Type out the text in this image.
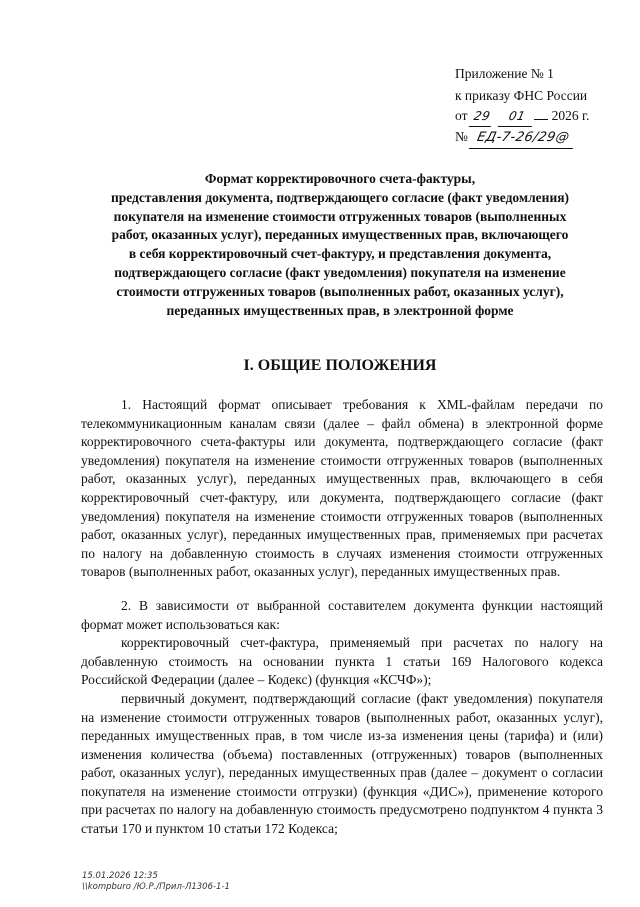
Приложение № 1
к приказу ФНС России
от 29 01 2026 г.
№ ЕД-7-26/29@
Формат корректировочного счета-фактуры,
представления документа, подтверждающего согласие (факт уведомления)
покупателя на изменение стоимости отгруженных товаров (выполненных
работ, оказанных услуг), переданных имущественных прав, включающего
в себя корректировочный счет-фактуру, и представления документа,
подтверждающего согласие (факт уведомления) покупателя на изменение
стоимости отгруженных товаров (выполненных работ, оказанных услуг),
переданных имущественных прав, в электронной форме
I. ОБЩИЕ ПОЛОЖЕНИЯ

1. Настоящий формат описывает требования к XML-файлам передачи по телекоммуникационным каналам связи (далее – файл обмена) в электронной форме корректировочного счета-фактуры или документа, подтверждающего согласие (факт уведомления) покупателя на изменение стоимости отгруженных товаров (выполненных работ, оказанных услуг), переданных имущественных прав, включающего в себя корректировочный счет-фактуру, или документа, подтверждающего согласие (факт уведомления) покупателя на изменение стоимости отгруженных товаров (выполненных работ, оказанных услуг), переданных имущественных прав, применяемых при расчетах по налогу на добавленную стоимость в случаях изменения стоимости отгруженных товаров (выполненных работ, оказанных услуг), переданных имущественных прав.

2. В зависимости от выбранной составителем документа функции настоящий формат может использоваться как:

корректировочный счет-фактура, применяемый при расчетах по налогу на добавленную стоимость на основании пункта 1 статьи 169 Налогового кодекса Российской Федерации (далее – Кодекс) (функция «КСЧФ»);

первичный документ, подтверждающий согласие (факт уведомления) покупателя на изменение стоимости отгруженных товаров (выполненных работ, оказанных услуг), переданных имущественных прав, в том числе из-за изменения цены (тарифа) и (или) изменения количества (объема) поставленных (отгруженных) товаров (выполненных работ, оказанных услуг), переданных имущественных прав (далее – документ о согласии покупателя на изменение стоимости отгрузки) (функция «ДИС»), применение которого при расчетах по налогу на добавленную стоимость предусмотрено подпунктом 4 пункта 3 статьи 170 и пунктом 10 статьи 172 Кодекса;

15.01.2026 12:35
\\kompburo /Ю.Р./Прил-Л1306-1-1
